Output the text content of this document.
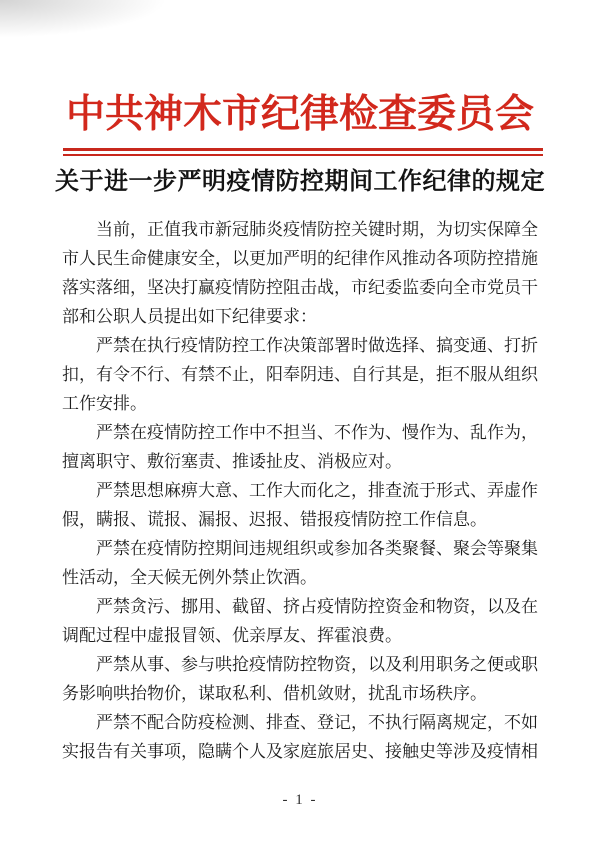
中共神木市纪律检查委员会
关于进一步严明疫情防控期间工作纪律的规定

当前，正值我市新冠肺炎疫情防控关键时期，为切实保障全市人民生命健康安全，以更加严明的纪律作风推动各项防控措施落实落细，坚决打赢疫情防控阻击战，市纪委监委向全市党员干部和公职人员提出如下纪律要求：

严禁在执行疫情防控工作决策部署时做选择、搞变通、打折扣，有令不行、有禁不止，阳奉阴违、自行其是，拒不服从组织工作安排。

严禁在疫情防控工作中不担当、不作为、慢作为、乱作为，擅离职守、敷衍塞责、推诿扯皮、消极应对。

严禁思想麻痹大意、工作大而化之，排查流于形式、弄虚作假，瞒报、谎报、漏报、迟报、错报疫情防控工作信息。

严禁在疫情防控期间违规组织或参加各类聚餐、聚会等聚集性活动，全天候无例外禁止饮酒。

严禁贪污、挪用、截留、挤占疫情防控资金和物资，以及在调配过程中虚报冒领、优亲厚友、挥霍浪费。

严禁从事、参与哄抢疫情防控物资，以及利用职务之便或职务影响哄抬物价，谋取私利、借机敛财，扰乱市场秩序。

严禁不配合防疫检测、排查、登记，不执行隔离规定，不如实报告有关事项，隐瞒个人及家庭旅居史、接触史等涉及疫情相

- 1 -
